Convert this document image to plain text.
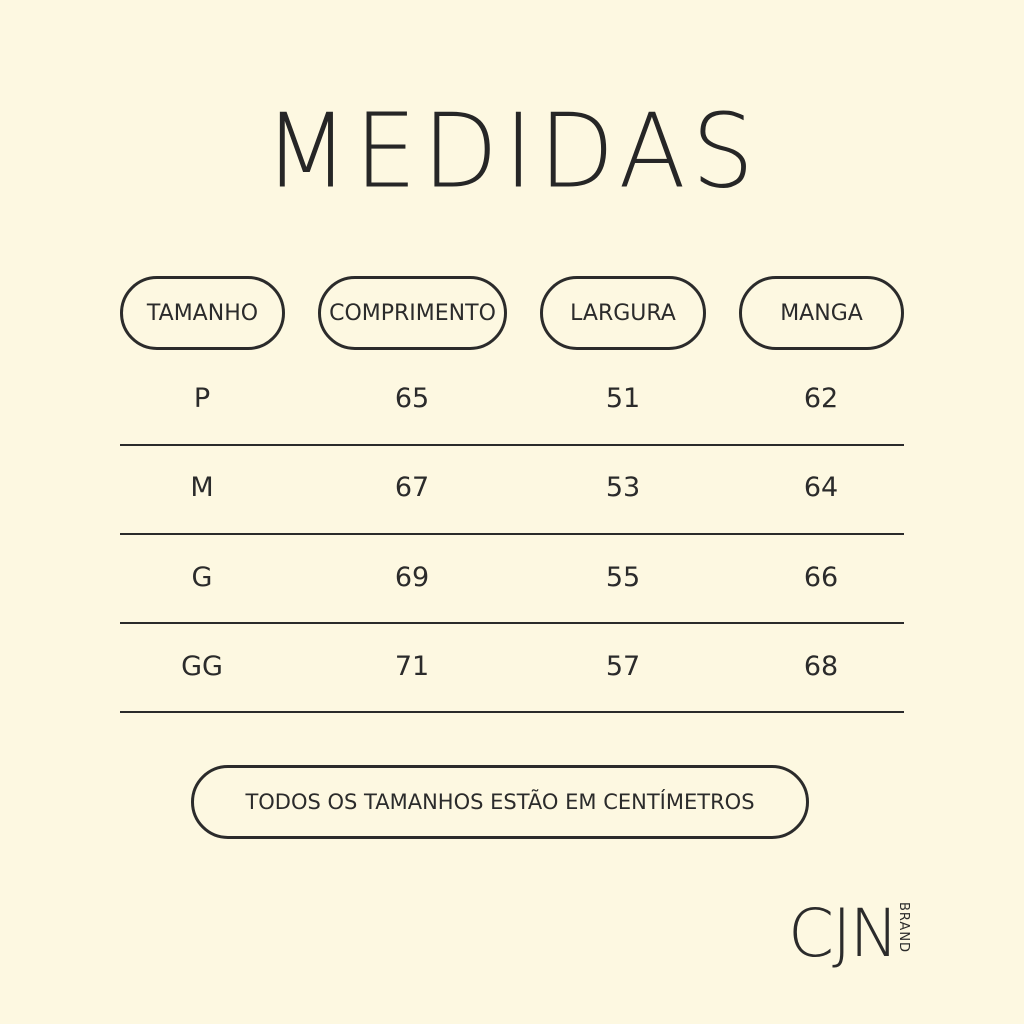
MEDIDAS
TAMANHO	COMPRIMENTO	LARGURA	MANGA
P	65	51	62
M	67	53	64
G	69	55	66
GG	71	57	68
TODOS OS TAMANHOS ESTÃO EM CENTÍMETROS
CJN BRAND
